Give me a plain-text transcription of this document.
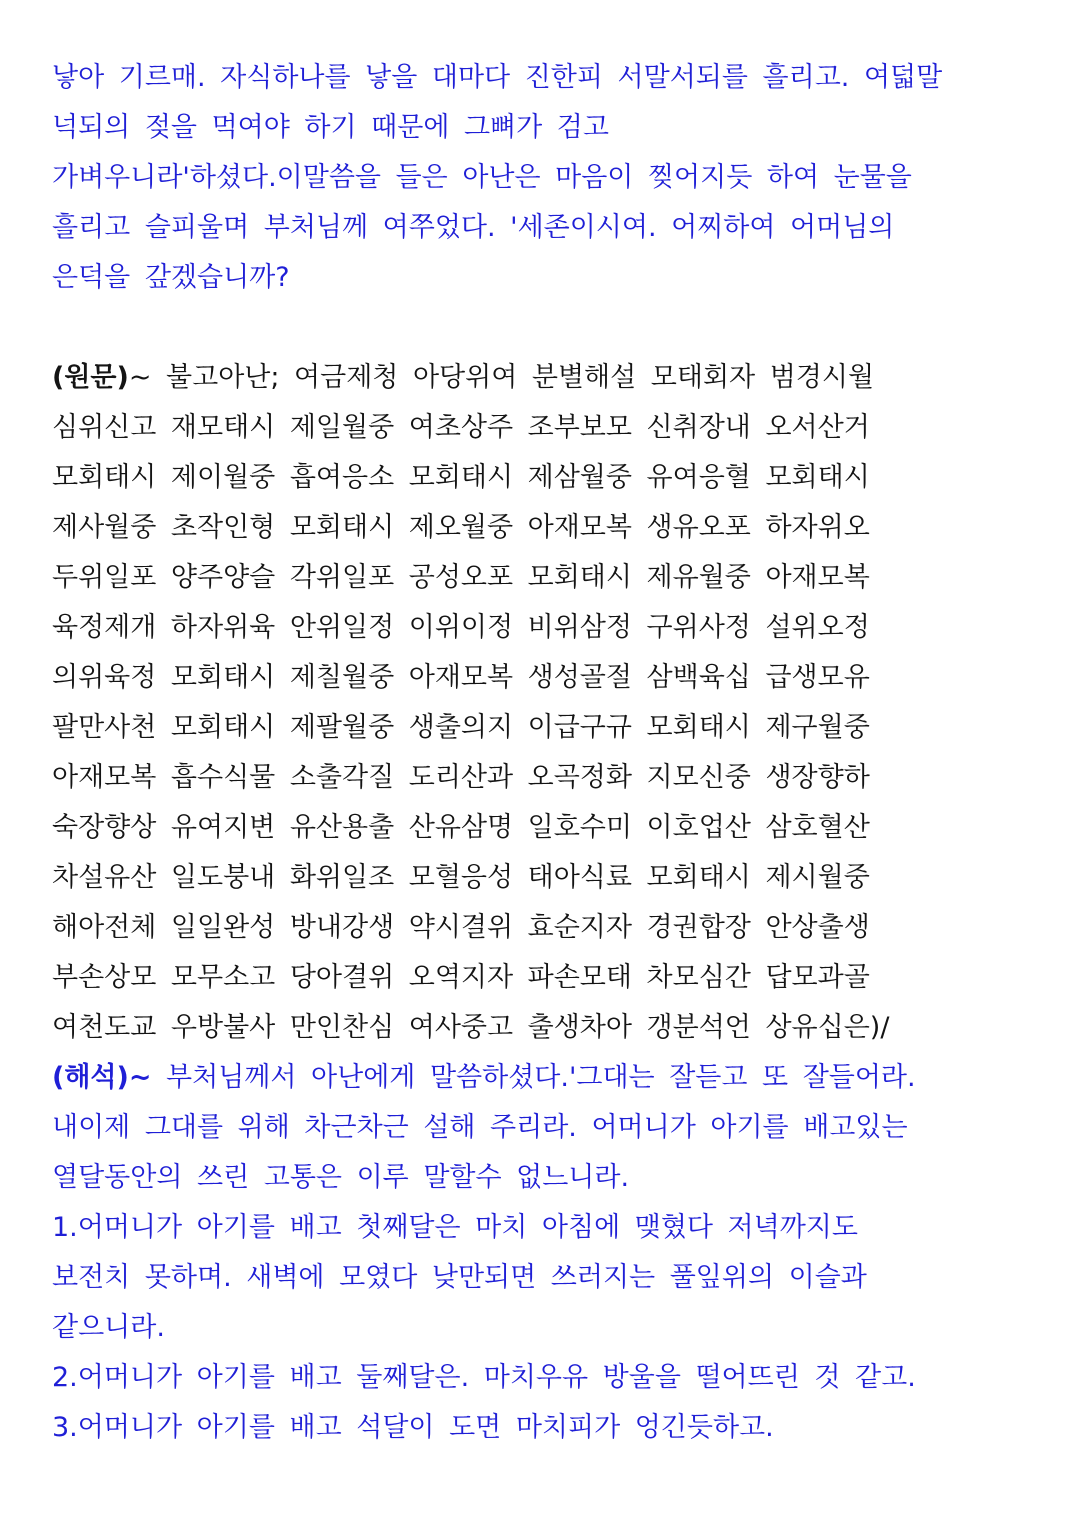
낳아 기르매. 자식하나를 낳을 대마다 진한피 서말서되를 흘리고. 여덟말
넉되의 젖을 먹여야 하기 때문에 그뼈가 검고
가벼우니라'하셨다.이말씀을 들은 아난은 마음이 찢어지듯 하여 눈물을
흘리고 슬피울며 부처님께 여쭈었다. '세존이시여. 어찌하여 어머님의
은덕을 갚겠습니까?
(원문)~ 불고아난; 여금제청 아당위여 분별해설 모태회자 범경시월
심위신고 재모태시 제일월중 여초상주 조부보모 신취장내 오서산거
모회태시 제이월중 흡여응소 모회태시 제삼월중 유여응혈 모회태시
제사월중 초작인형 모회태시 제오월중 아재모복 생유오포 하자위오
두위일포 양주양슬 각위일포 공성오포 모회태시 제유월중 아재모복
육정제개 하자위육 안위일정 이위이정 비위삼정 구위사정 설위오정
의위육정 모회태시 제칠월중 아재모복 생성골절 삼백육십 급생모유
팔만사천 모회태시 제팔월중 생출의지 이급구규 모회태시 제구월중
아재모복 흡수식물 소출각질 도리산과 오곡정화 지모신중 생장향하
숙장향상 유여지변 유산용출 산유삼명 일호수미 이호업산 삼호혈산
차설유산 일도붕내 화위일조 모혈응성 태아식료 모회태시 제시월중
해아전체 일일완성 방내강생 약시결위 효순지자 경권합장 안상출생
부손상모 모무소고 당아결위 오역지자 파손모태 차모심간 답모과골
여천도교 우방불사 만인찬심 여사중고 출생차아 갱분석언 상유십은)/
(해석)~ 부처님께서 아난에게 말씀하셨다.'그대는 잘듣고 또 잘들어라.
내이제 그대를 위해 차근차근 설해 주리라. 어머니가 아기를 배고있는
열달동안의 쓰린 고통은 이루 말할수 없느니라.
1.어머니가 아기를 배고 첫째달은 마치 아침에 맺혔다 저녁까지도
보전치 못하며. 새벽에 모였다 낮만되면 쓰러지는 풀잎위의 이슬과
같으니라.
2.어머니가 아기를 배고 둘째달은. 마치우유 방울을 떨어뜨린 것 같고.
3.어머니가 아기를 배고 석달이 도면 마치피가 엉긴듯하고.
